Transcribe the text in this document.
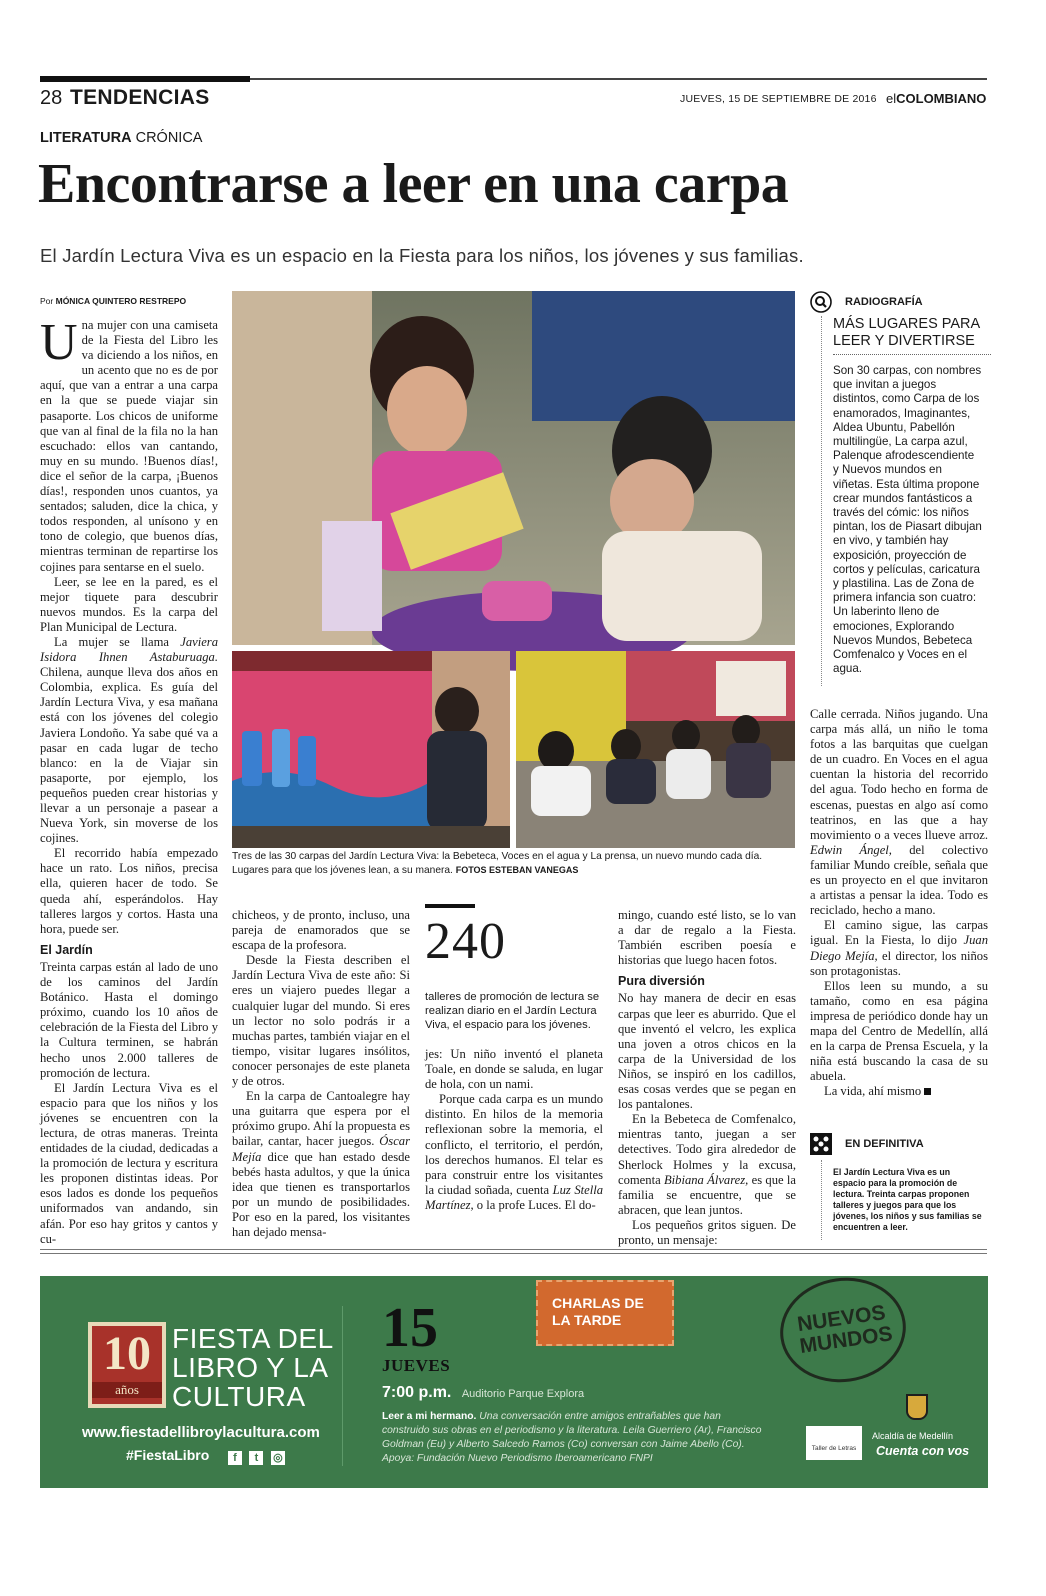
28 TENDENCIAS	JUEVES, 15 DE SEPTIEMBRE DE 2016 elCOLOMBIANO
LITERATURA CRÓNICA
Encontrarse a leer en una carpa
El Jardín Lectura Viva es un espacio en la Fiesta para los niños, los jóvenes y sus familias.
Por MÓNICA QUINTERO RESTREPO

Una mujer con una camiseta de la Fiesta del Libro les va diciendo a los niños, en un acento que no es de por aquí, que van a entrar a una carpa en la que se puede viajar sin pasaporte. Los chicos de uniforme que van al final de la fila no la han escuchado: ellos van cantando, muy en su mundo. !Buenos días!, dice el señor de la carpa, ¡Buenos días!, responden unos cuantos, ya sentados; saluden, dice la chica, y todos responden, al unísono y en tono de colegio, que buenos días, mientras terminan de repartirse los cojines para sentarse en el suelo.

Leer, se lee en la pared, es el mejor tiquete para descubrir nuevos mundos. Es la carpa del Plan Municipal de Lectura.

La mujer se llama Javiera Isidora Ihnen Astaburuaga. Chilena, aunque lleva dos años en Colombia, explica. Es guía del Jardín Lectura Viva, y esa mañana está con los jóvenes del colegio Javiera Londoño. Ya sabe qué va a pasar en cada lugar de techo blanco: en la de Viajar sin pasaporte, por ejemplo, los pequeños pueden crear historias y llevar a un personaje a pasear a Nueva York, sin moverse de los cojines.

El recorrido había empezado hace un rato. Los niños, precisa ella, quieren hacer de todo. Se queda ahí, esperándolos. Hay talleres largos y cortos. Hasta una hora, puede ser.

El Jardín

Treinta carpas están al lado de uno de los caminos del Jardín Botánico. Hasta el domingo próximo, cuando los 10 años de celebración de la Fiesta del Libro y la Cultura terminen, se habrán hecho unos 2.000 talleres de promoción de lectura.

El Jardín Lectura Viva es el espacio para que los niños y los jóvenes se encuentren con la lectura, de otras maneras. Treinta entidades de la ciudad, dedicadas a la promoción de lectura y escritura les proponen distintas ideas. Por esos lados es donde los pequeños uniformados van andando, sin afán. Por eso hay gritos y cantos y cu-

Tres de las 30 carpas del Jardín Lectura Viva: la Bebeteca, Voces en el agua y La prensa, un nuevo mundo cada día. Lugares para que los jóvenes lean, a su manera. FOTOS ESTEBAN VANEGAS

chicheos, y de pronto, incluso, una pareja de enamorados que se escapa de la profesora.

Desde la Fiesta describen el Jardín Lectura Viva de este año: Si eres un viajero puedes llegar a cualquier lugar del mundo. Si eres un lector no solo podrás ir a muchas partes, también viajar en el tiempo, visitar lugares insólitos, conocer personajes de este planeta y de otros.

En la carpa de Cantoalegre hay una guitarra que espera por el próximo grupo. Ahí la propuesta es bailar, cantar, hacer juegos. Óscar Mejía dice que han estado desde bebés hasta adultos, y que la única idea que tienen es transportarlos por un mundo de posibilidades. Por eso en la pared, los visitantes han dejado mensa-

240
talleres de promoción de lectura se realizan diario en el Jardín Lectura Viva, el espacio para los jóvenes.

jes: Un niño inventó el planeta Toale, en donde se saluda, en lugar de hola, con un nami.

Porque cada carpa es un mundo distinto. En hilos de la memoria reflexionan sobre la memoria, el conflicto, el territorio, el perdón, los derechos humanos. El telar es para construir entre los visitantes la ciudad soñada, cuenta Luz Stella Martínez, o la profe Luces. El do-

mingo, cuando esté listo, se lo van a dar de regalo a la Fiesta. También escriben poesía e historias que luego hacen fotos.

Pura diversión

No hay manera de decir en esas carpas que leer es aburrido. Que el que inventó el velcro, les explica una joven a otros chicos en la carpa de la Universidad de los Niños, se inspiró en los cadillos, esas cosas verdes que se pegan en los pantalones.

En la Bebeteca de Comfenalco, mientras tanto, juegan a ser detectives. Todo gira alrededor de Sherlock Holmes y la excusa, comenta Bibiana Álvarez, es que la familia se encuentre, que se abracen, que lean juntos.

Los pequeños gritos siguen. De pronto, un mensaje:

RADIOGRAFÍA
MÁS LUGARES PARA LEER Y DIVERTIRSE
Son 30 carpas, con nombres que invitan a juegos distintos, como Carpa de los enamorados, Imaginantes, Aldea Ubuntu, Pabellón multilingüe, La carpa azul, Palenque afrodescendiente y Nuevos mundos en viñetas. Esta última propone crear mundos fantásticos a través del cómic: los niños pintan, los de Piasart dibujan en vivo, y también hay exposición, proyección de cortos y películas, caricatura y plastilina. Las de Zona de primera infancia son cuatro: Un laberinto lleno de emociones, Explorando Nuevos Mundos, Bebeteca Comfenalco y Voces en el agua.

Calle cerrada. Niños jugando. Una carpa más allá, un niño le toma fotos a las barquitas que cuelgan de un cuadro. En Voces en el agua cuentan la historia del recorrido del agua. Todo hecho en forma de escenas, puestas en algo así como teatrinos, en las que a hay movimiento o a veces llueve arroz. Edwin Ángel, del colectivo familiar Mundo creíble, señala que es un proyecto en el que invitaron a artistas a pensar la idea. Todo es reciclado, hecho a mano.

El camino sigue, las carpas igual. En la Fiesta, lo dijo Juan Diego Mejía, el director, los niños son protagonistas.

Ellos leen su mundo, a su tamaño, como en esa página impresa de periódico donde hay un mapa del Centro de Medellín, allá en la carpa de Prensa Escuela, y la niña está buscando la casa de su abuela.

La vida, ahí mismo

EN DEFINITIVA
El Jardín Lectura Viva es un espacio para la promoción de lectura. Treinta carpas proponen talleres y juegos para que los jóvenes, los niños y sus familias se encuentren a leer.
10
años
FIESTA DEL
LIBRO Y LA
CULTURA
www.fiestadellibroylacultura.com
#FiestaLibro	f t ◎
15
JUEVES
CHARLAS DE LA TARDE
7:00 p.m. Auditorio Parque Explora
Leer a mi hermano. Una conversación entre amigos entrañables que han construido sus obras en el periodismo y la literatura. Leila Guerriero (Ar), Francisco Goldman (Eu) y Alberto Salcedo Ramos (Co) conversan con Jaime Abello (Co). Apoya: Fundación Nuevo Periodismo Iberoamericano FNPI
NUEVOS MUNDOS
Taller de Letras
Alcaldía de Medellín
Cuenta con vos
